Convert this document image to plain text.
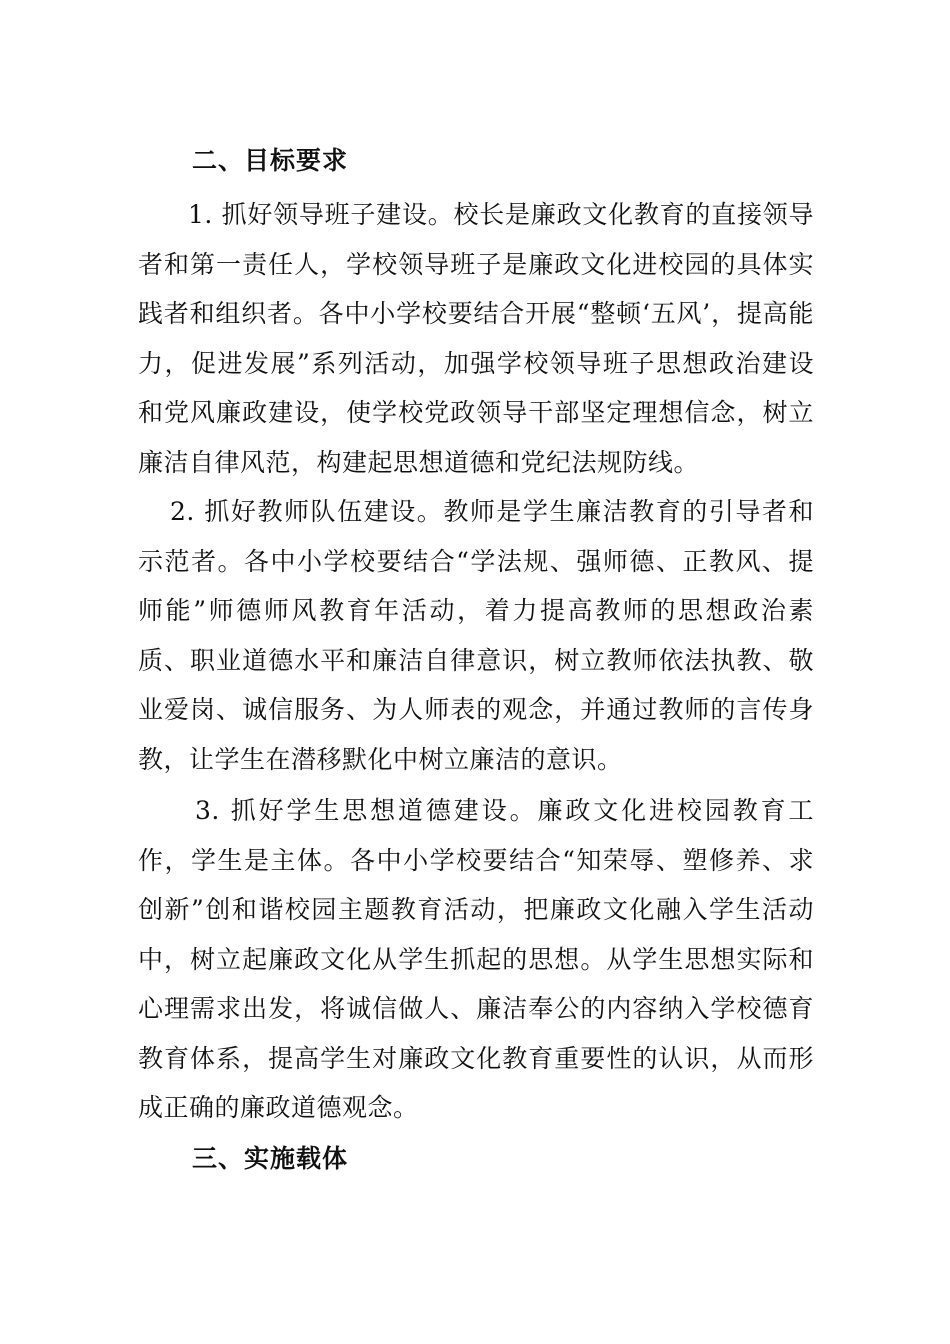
二、目标要求

1. 抓好领导班子建设。校长是廉政文化教育的直接领导者和第一责任人，学校领导班子是廉政文化进校园的具体实践者和组织者。各中小学校要结合开展“整顿‘五风’，提高能力，促进发展”系列活动，加强学校领导班子思想政治建设和党风廉政建设，使学校党政领导干部坚定理想信念，树立廉洁自律风范，构建起思想道德和党纪法规防线。

2. 抓好教师队伍建设。教师是学生廉洁教育的引导者和示范者。各中小学校要结合“学法规、强师德、正教风、提师能”师德师风教育年活动，着力提高教师的思想政治素质、职业道德水平和廉洁自律意识，树立教师依法执教、敬业爱岗、诚信服务、为人师表的观念，并通过教师的言传身教，让学生在潜移默化中树立廉洁的意识。

3. 抓好学生思想道德建设。廉政文化进校园教育工作，学生是主体。各中小学校要结合“知荣辱、塑修养、求创新”创和谐校园主题教育活动，把廉政文化融入学生活动中，树立起廉政文化从学生抓起的思想。从学生思想实际和心理需求出发，将诚信做人、廉洁奉公的内容纳入学校德育教育体系，提高学生对廉政文化教育重要性的认识，从而形成正确的廉政道德观念。

三、实施载体
